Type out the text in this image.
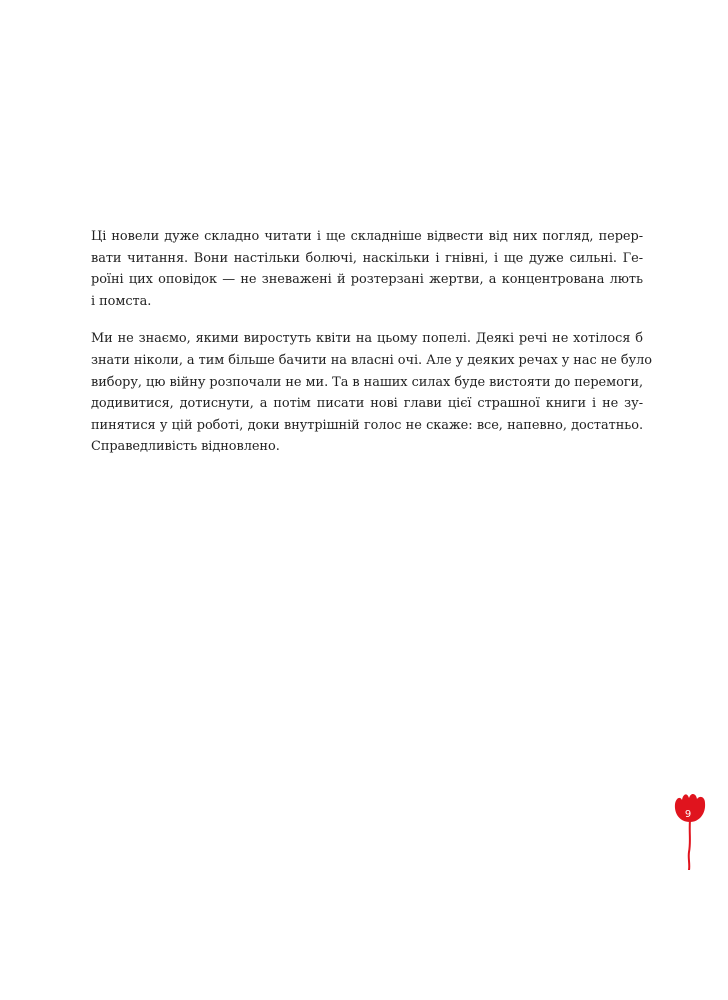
Ці новели дуже складно читати і ще складніше відвести від них погляд, перер-
вати читання. Вони настільки болючі, наскільки і гнівні, і ще дуже сильні. Ге-
роїні цих оповідок — не зневажені й розтерзані жертви, а концентрована лють
і помста.

Ми не знаємо, якими виростуть квіти на цьому попелі. Деякі речі не хотілося б
знати ніколи, а тим більше бачити на власні очі. Але у деяких речах у нас не було
вибору, цю війну розпочали не ми. Та в наших силах буде вистояти до перемоги,
додивитися, дотиснути, а потім писати нові глави цієї страшної книги і не зу-
пинятися у цій роботі, доки внутрішній голос не скаже: все, напевно, достатньо.
Справедливість відновлено.

9
